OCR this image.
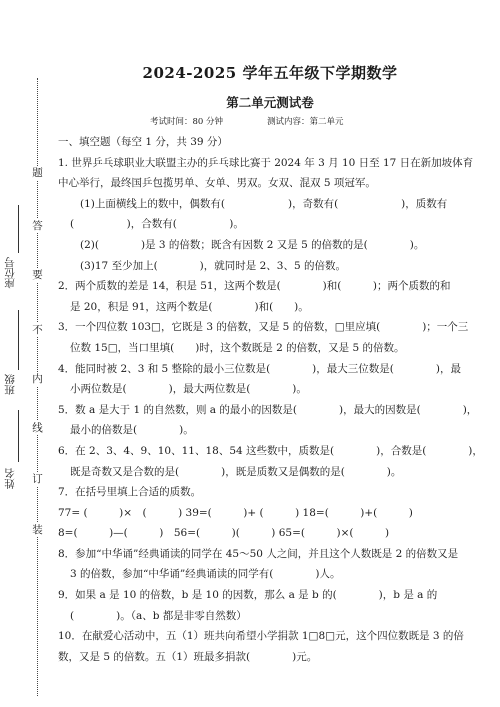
题
答
要
不
内
线
订
装
座位号
班级
姓名
2024-2025 学年五年级下学期数学
第二单元测试卷
考试时间：80 分钟	测试内容：第二单元
一、填空题（每空 1 分，共 39 分）
1. 世界乒乓球职业大联盟主办的乒乓球比赛于 2024 年 3 月 10 日至 17 日在新加坡体育
中心举行，最终国乒包揽男单、女单、男双。女双、混双 5 项冠军。
(1)上面横线上的数中，偶数有(　　　　　　)，奇数有(　　　　　　)，质数有
(　　　　　)，合数有(　　　　　)。
(2)(　　　　)是 3 的倍数；既含有因数 2 又是 5 的倍数的是(　　　　)。
(3)17 至少加上(　　　　)，就同时是 2、3、5 的倍数。
2．两个质数的差是 14，积是 51，这两个数是(　　　　)和(　　　)；两个质数的和
是 20，积是 91，这两个数是(　　　　)和(　　)。
3．一个四位数 103□，它既是 3 的倍数，又是 5 的倍数，□里应填(　　　　)；一个三
位数 15□，当口里填(　　)时，这个数既是 2 的倍数，又是 5 的倍数。
4．能同时被 2、3 和 5 整除的最小三位数是(　　　　)，最大三位数是(　　　　)，最
小两位数是(　　　　)，最大两位数是(　　　　)。
5．数 a 是大于 1 的自然数，则 a 的最小的因数是(　　　　)，最大的因数是(　　　　)，
最小的倍数是(　　　　)。
6．在 2、3、4、9、10、11、18、54 这些数中，质数是(　　　　)，合数是(　　　　)，
既是奇数又是合数的是(　　　　)，既是质数又是偶数的是(　　　　)。
7．在括号里填上合适的质数。
77= (　　　)×　(　　　) 39=(　　　)+ (　　　) 18=(　　　)+(　　　)
8=(　　　)—(　　　)　56=(　　　)(　　　) 65=(　　　)×(　　　)
8．参加“中华诵”经典诵读的同学在 45～50 人之间，并且这个人数既是 2 的倍数又是
3 的倍数，参加“中华诵”经典诵读的同学有(　　　　)人。
9．如果 a 是 10 的倍数，b 是 10 的因数，那么 a 是 b 的(　　　　)，b 是 a 的
(　　　　)。（a、b 都是非零自然数）
10．在献爱心活动中，五（1）班共向希望小学捐款 1□8□元，这个四位数既是 3 的倍
数，又是 5 的倍数。五（1）班最多捐款(　　　　)元。
